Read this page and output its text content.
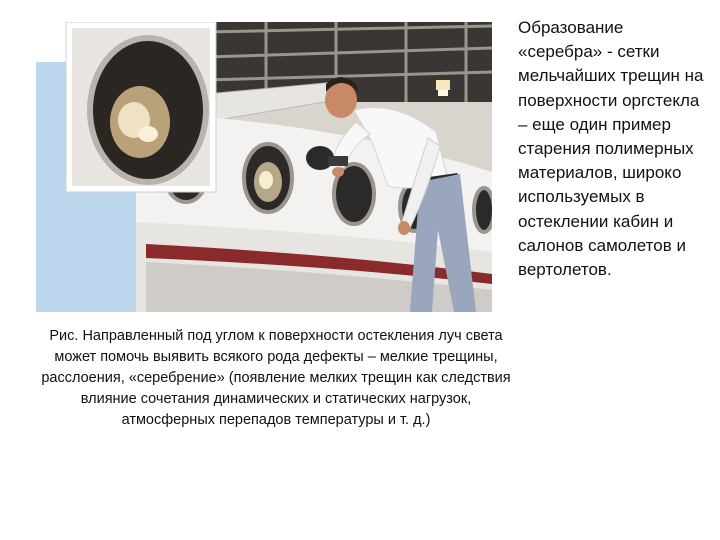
Рис. Направленный под углом к поверхности остекления луч света может помочь выявить всякого рода дефекты – мелкие трещины, расслоения, «серебрение» (появление мелких трещин как следствия влияние сочетания динамических и статических нагрузок, атмосферных перепадов температуры и т. д.)

Образование «серебра» - сетки мельчайших трещин на поверхности оргстекла – еще один пример старения полимерных материалов, широко используемых в остеклении кабин и салонов самолетов и вертолетов.
